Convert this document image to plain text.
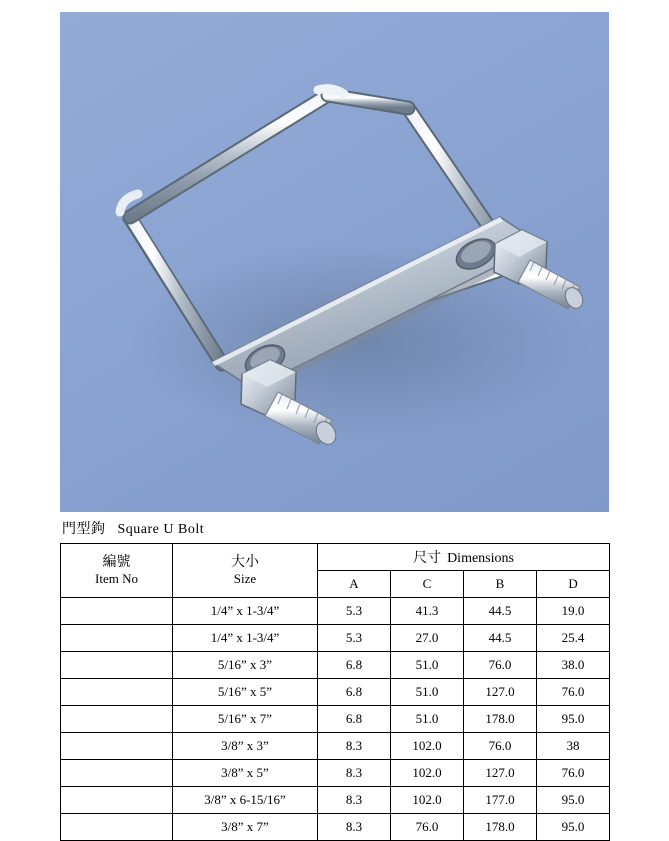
門型鉤 Square U Bolt
編號
Item No	大小
Size	尺寸 Dimensions			
		A	C	B	D
	1/4” x 1-3/4”	5.3	41.3	44.5	19.0
	1/4” x 1-3/4”	5.3	27.0	44.5	25.4
	5/16” x 3”	6.8	51.0	76.0	38.0
	5/16” x 5”	6.8	51.0	127.0	76.0
	5/16” x 7”	6.8	51.0	178.0	95.0
	3/8” x 3”	8.3	102.0	76.0	38
	3/8” x 5”	8.3	102.0	127.0	76.0
	3/8” x 6-15/16”	8.3	102.0	177.0	95.0
	3/8” x 7”	8.3	76.0	178.0	95.0
